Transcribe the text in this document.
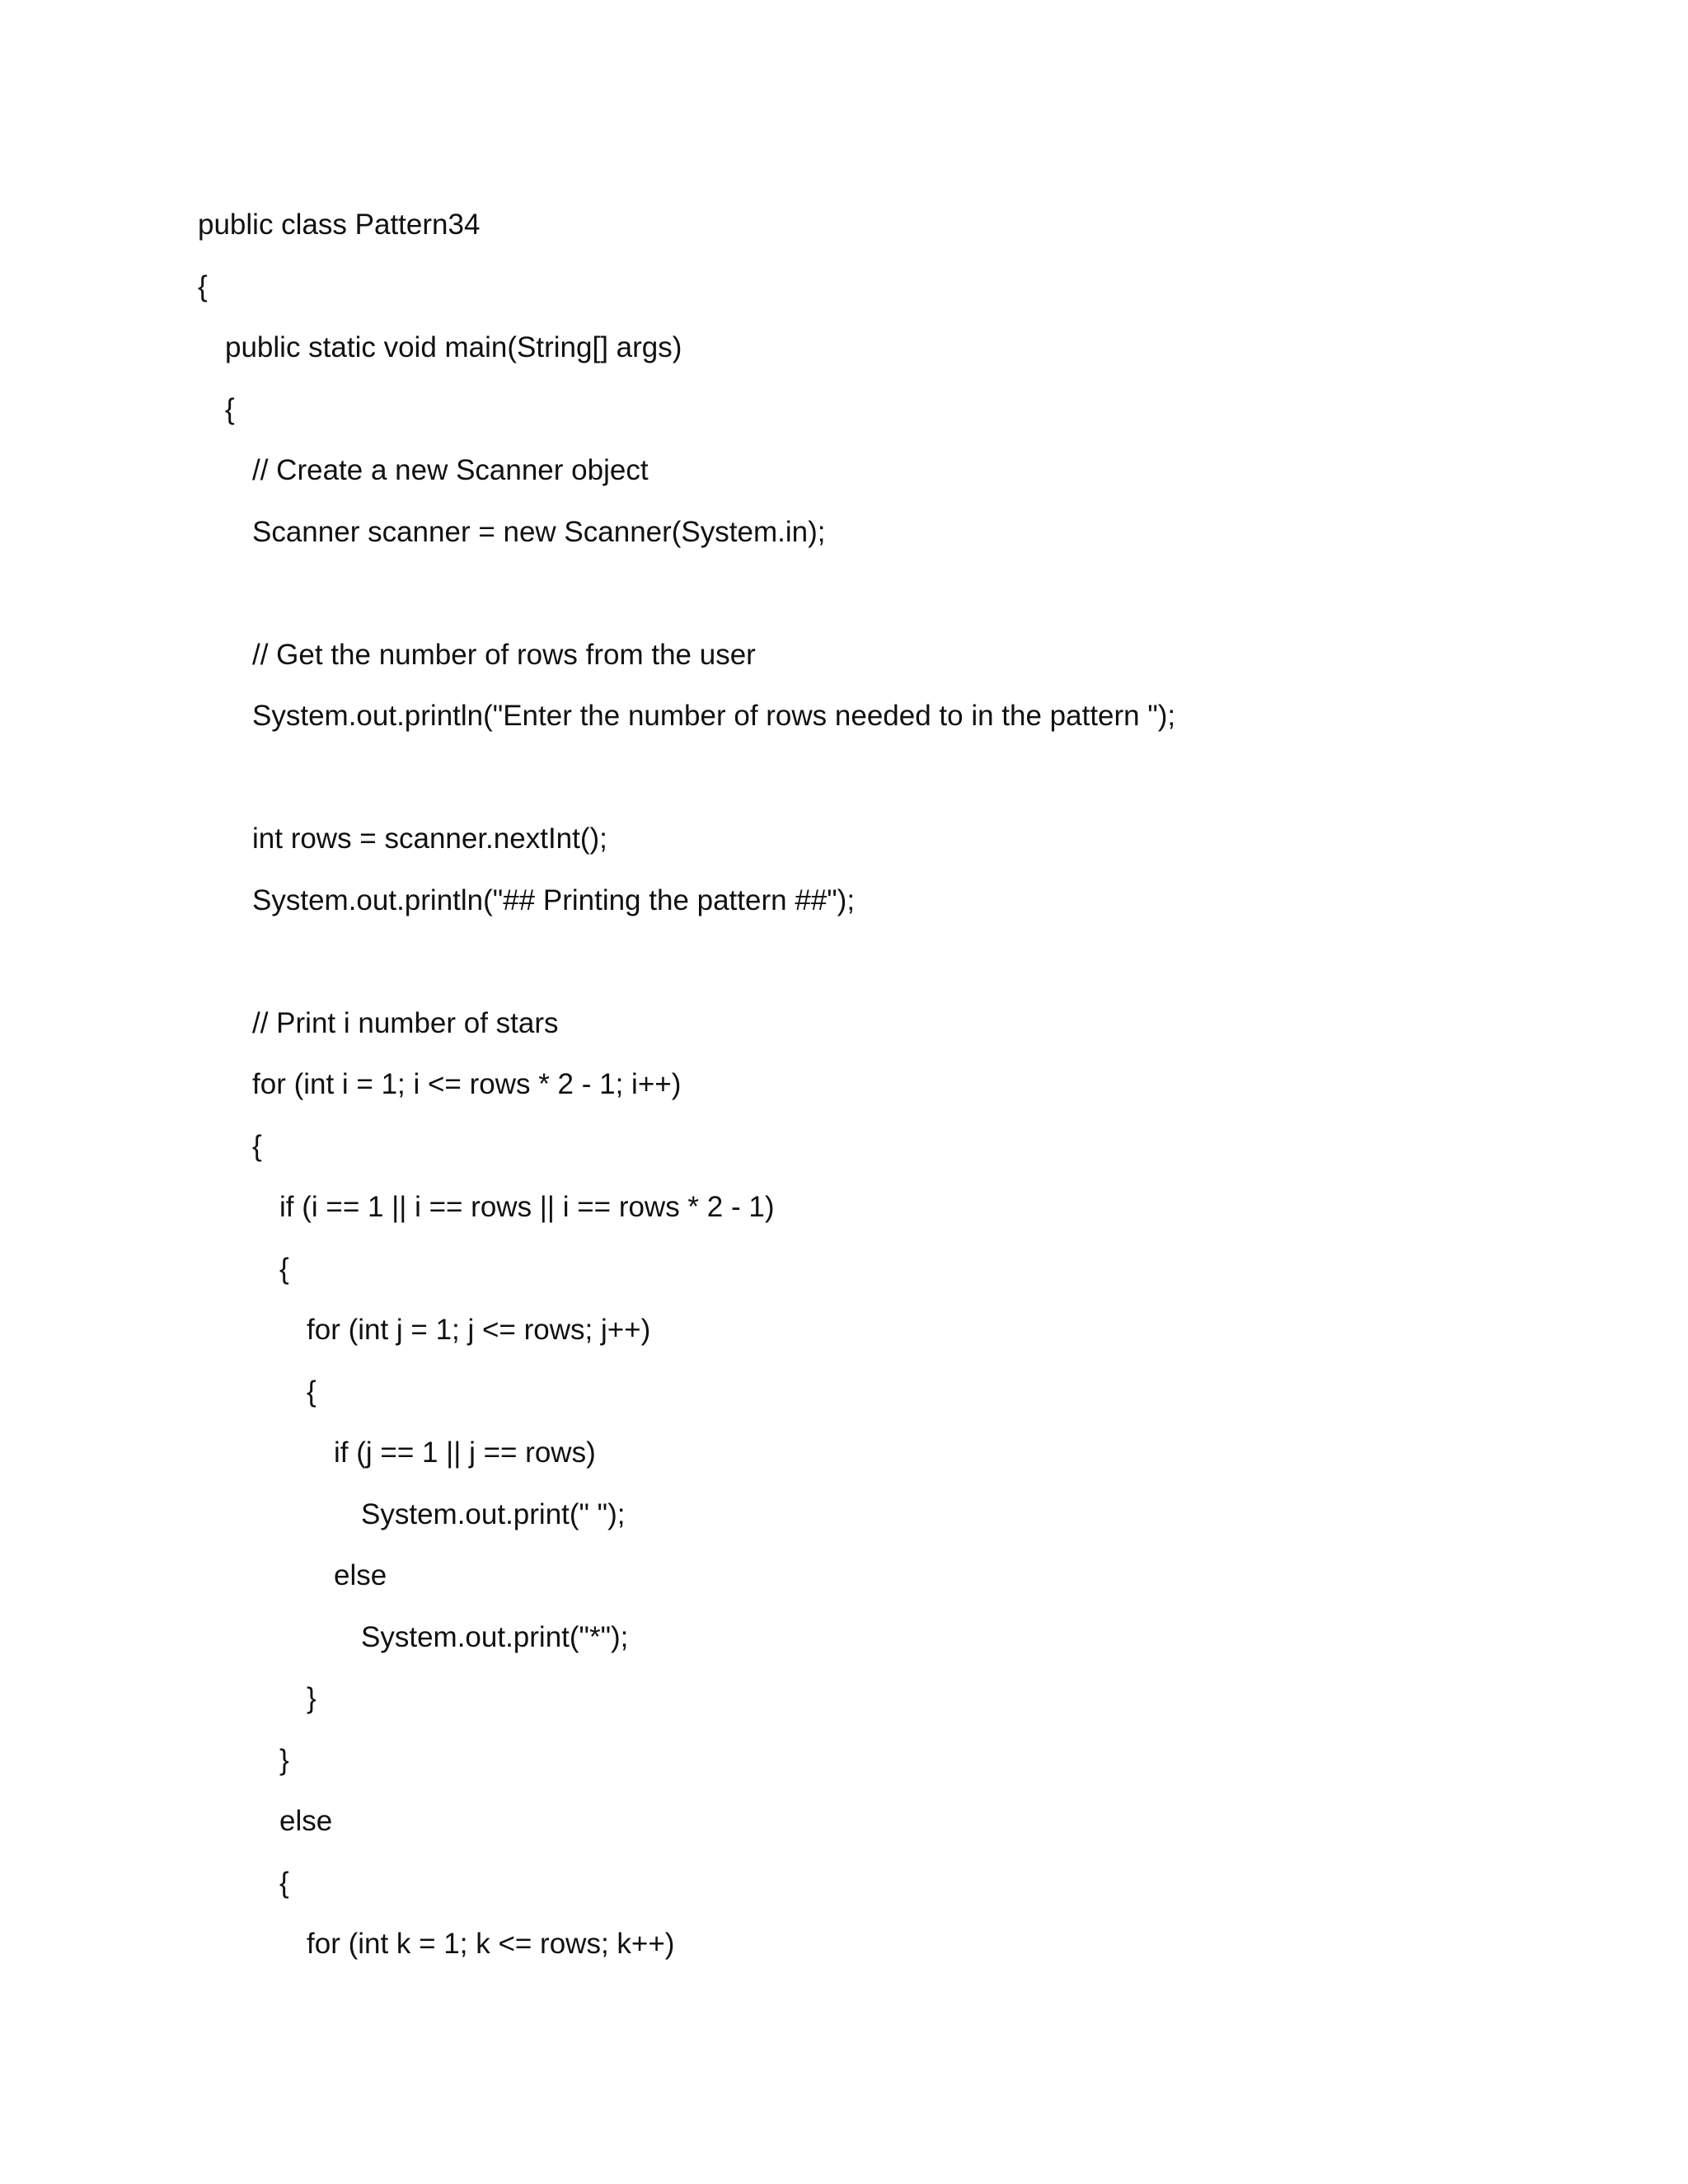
public class Pattern34
{
public static void main(String[] args)
{
// Create a new Scanner object
Scanner scanner = new Scanner(System.in);
// Get the number of rows from the user
System.out.println("Enter the number of rows needed to in the pattern ");
int rows = scanner.nextInt();
System.out.println("## Printing the pattern ##");
// Print i number of stars
for (int i = 1; i <= rows * 2 - 1; i++)
{
if (i == 1 || i == rows || i == rows * 2 - 1)
{
for (int j = 1; j <= rows; j++)
{
if (j == 1 || j == rows)
System.out.print(" ");
else
System.out.print("*");
}
}
else
{
for (int k = 1; k <= rows; k++)
